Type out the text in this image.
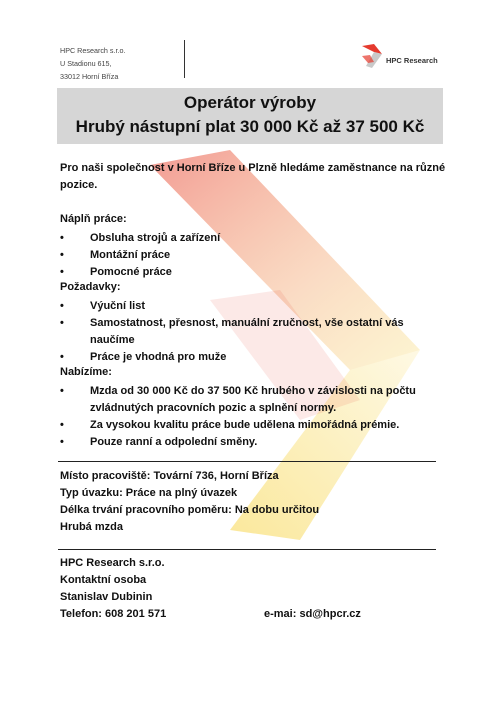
HPC Research s.r.o.
U Stadionu 615,
33012 Horní Bříza
HPC Research
Operátor výroby
Hrubý nástupní plat 30 000 Kč až 37 500 Kč
Pro naši společnost v Horní Bříze u Plzně hledáme zaměstnance na různé pozice.
Náplň práce:
• Obsluha strojů a zařízení
• Montážní práce
• Pomocné práce
Požadavky:
• Výuční list
• Samostatnost, přesnost, manuální zručnost, vše ostatní vás naučíme
• Práce je vhodná pro muže
Nabízíme:
• Mzda od 30 000 Kč do 37 500 Kč hrubého v závislosti na počtu zvládnutých pracovních pozic a splnění normy.
• Za vysokou kvalitu práce bude udělena mimořádná prémie.
• Pouze ranní a odpolední směny.
Místo pracoviště: Tovární 736, Horní Bříza
Typ úvazku: Práce na plný úvazek
Délka trvání pracovního poměru: Na dobu určitou
Hrubá mzda
HPC Research s.r.o.
Kontaktní osoba
Stanislav Dubinin
Telefon: 608 201 571	e-mai: sd@hpcr.cz
